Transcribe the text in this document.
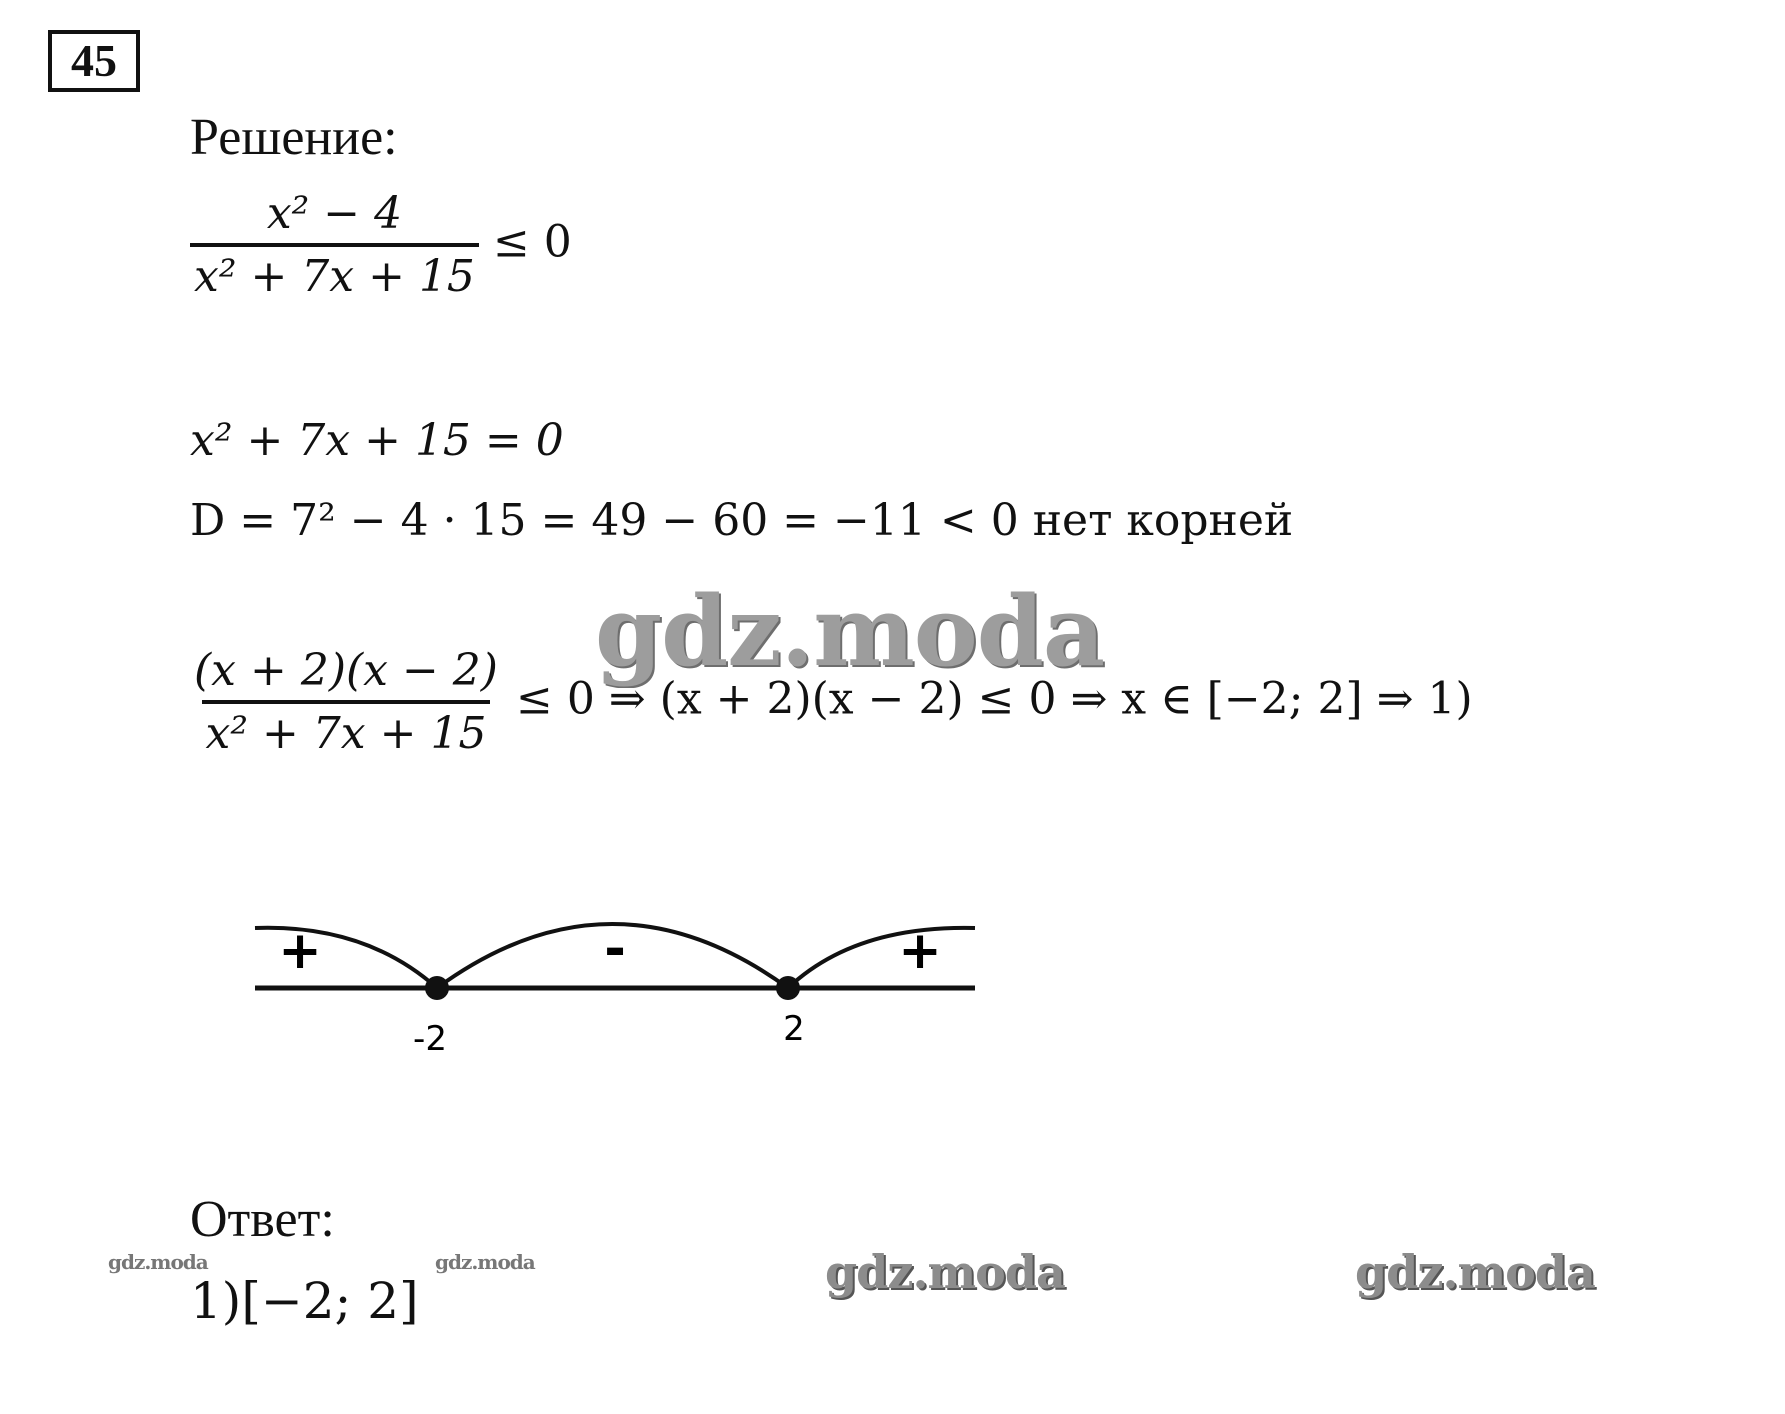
45
Решение:
$\frac{\text{x² − 4}}{\text{x² + 7x + 15}} \le 0$
x² + 7x + 15 = 0
D = 7² − 4 · 15 = 49 − 60 = −11 < 0 нет корней
$\frac{(x + 2)(x - 2)}{\text{x² + 7x + 15}} \le 0$ ⇒ (x + 2)(x − 2) ≤ 0 ⇒ x ∈ [−2; 2] ⇒ 1)
+	-	+
-2	2
Ответ:
1)[−2; 2]
gdz.moda
gdz.moda	gdz.moda
gdz.moda	gdz.moda
